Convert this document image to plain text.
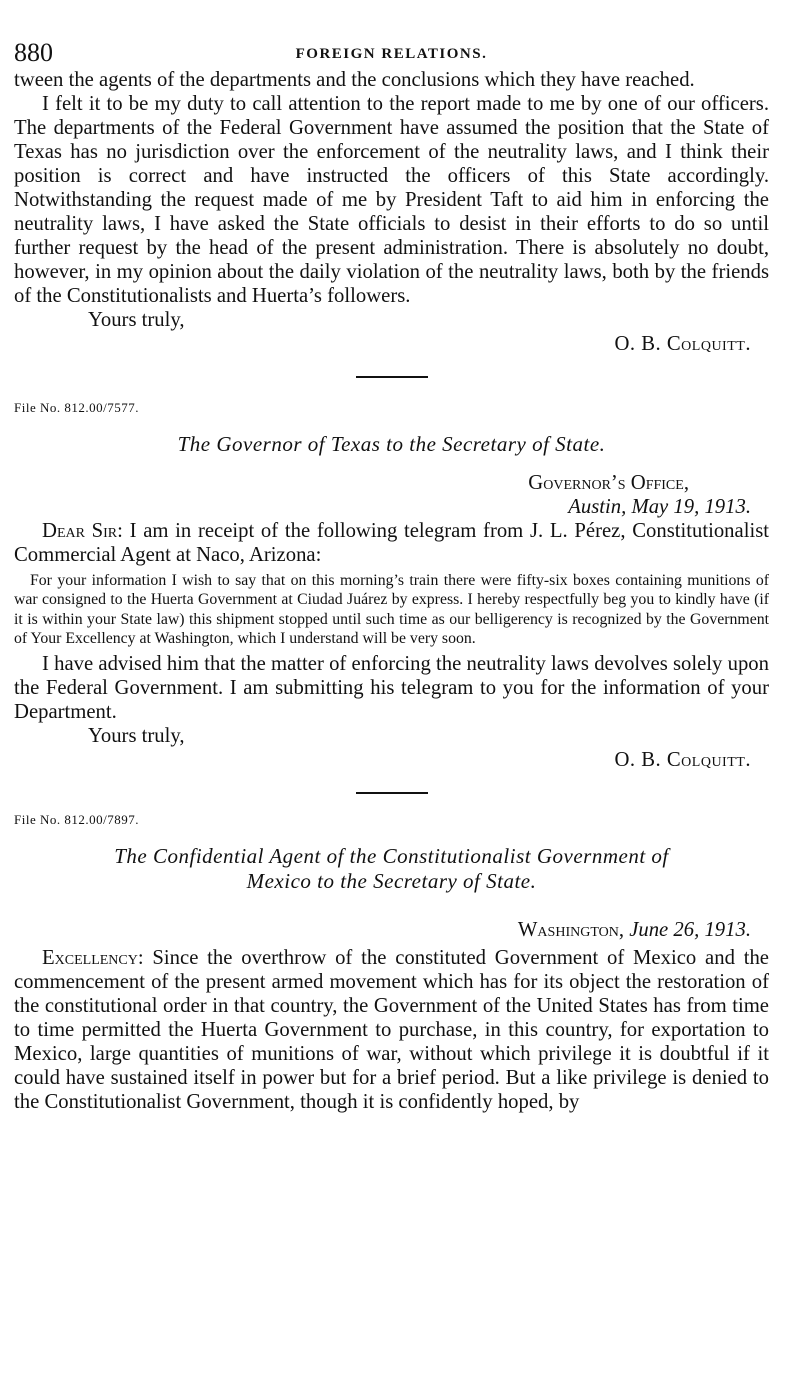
880	FOREIGN RELATIONS.

tween the agents of the departments and the conclusions which they have reached.

I felt it to be my duty to call attention to the report made to me by one of our officers. The departments of the Federal Government have assumed the position that the State of Texas has no jurisdiction over the enforcement of the neutrality laws, and I think their position is correct and have instructed the officers of this State accordingly. Notwithstanding the request made of me by President Taft to aid him in enforcing the neutrality laws, I have asked the State officials to desist in their efforts to do so until further request by the head of the present administration. There is absolutely no doubt, however, in my opinion about the daily violation of the neutrality laws, both by the friends of the Constitutionalists and Huerta’s followers.

Yours truly,

O. B. Colquitt.

File No. 812.00/7577.
The Governor of Texas to the Secretary of State.
Governor’s Office,
Austin, May 19, 1913.

Dear Sir: I am in receipt of the following telegram from J. L. Pérez, Constitutionalist Commercial Agent at Naco, Arizona:

For your information I wish to say that on this morning’s train there were fifty-six boxes containing munitions of war consigned to the Huerta Government at Ciudad Juárez by express. I hereby respectfully beg you to kindly have (if it is within your State law) this shipment stopped until such time as our belligerency is recognized by the Government of Your Excellency at Washington, which I understand will be very soon.

I have advised him that the matter of enforcing the neutrality laws devolves solely upon the Federal Government. I am submitting his telegram to you for the information of your Department.

Yours truly,

O. B. Colquitt.

File No. 812.00/7897.
The Confidential Agent of the Constitutionalist Government of
Mexico to the Secretary of State.
Washington, June 26, 1913.

Excellency: Since the overthrow of the constituted Government of Mexico and the commencement of the present armed movement which has for its object the restoration of the constitutional order in that country, the Government of the United States has from time to time permitted the Huerta Government to purchase, in this country, for exportation to Mexico, large quantities of munitions of war, without which privilege it is doubtful if it could have sustained itself in power but for a brief period. But a like privilege is denied to the Constitutionalist Government, though it is confidently hoped, by
